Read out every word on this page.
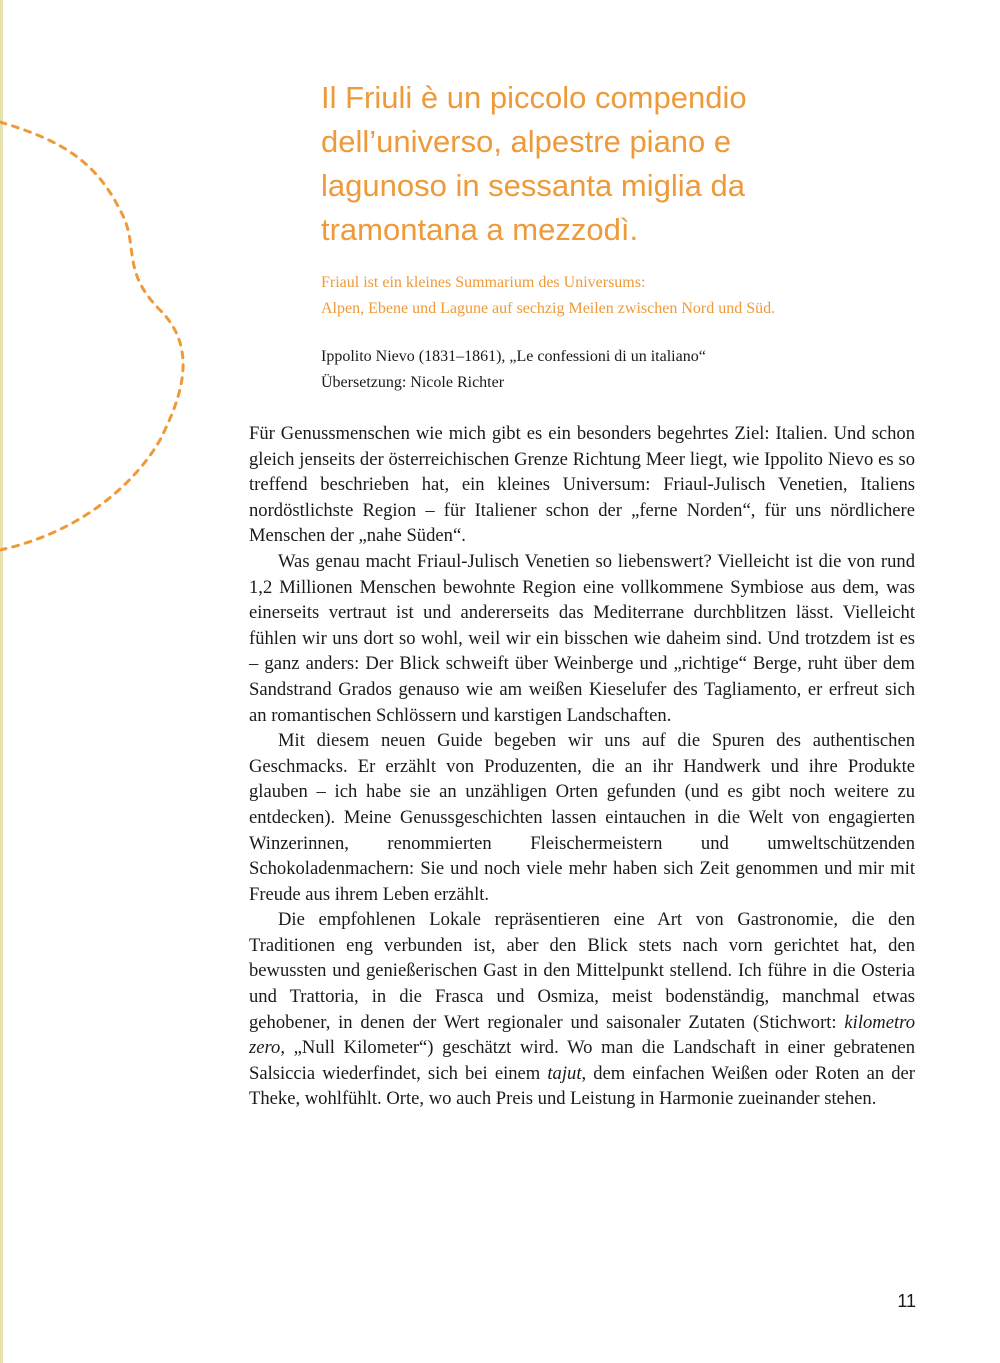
Il Friuli è un piccolo compendio
dell’universo, alpestre piano e
lagunoso in sessanta miglia da
tramontana a mezzodì.

Friaul ist ein kleines Summarium des Universums:
Alpen, Ebene und Lagune auf sechzig Meilen zwischen Nord und Süd.

Ippolito Nievo (1831–1861), „Le confessioni di un italiano“
Übersetzung: Nicole Richter

Für Genussmenschen wie mich gibt es ein besonders begehrtes Ziel: Italien. Und schon gleich jenseits der österreichischen Grenze Richtung Meer liegt, wie Ippolito Nievo es so treffend beschrieben hat, ein kleines Universum: Friaul-Julisch Venetien, Italiens nordöstlichste Region – für Italiener schon der „ferne Norden“, für uns nördlichere Menschen der „nahe Süden“.

Was genau macht Friaul-Julisch Venetien so liebenswert? Vielleicht ist die von rund 1,2 Millionen Menschen bewohnte Region eine vollkommene Symbiose aus dem, was einerseits vertraut ist und andererseits das Mediterrane durchblitzen lässt. Vielleicht fühlen wir uns dort so wohl, weil wir ein bisschen wie daheim sind. Und trotzdem ist es – ganz anders: Der Blick schweift über Weinberge und „richtige“ Berge, ruht über dem Sandstrand Grados genauso wie am weißen Kieselufer des Tagliamento, er erfreut sich an romantischen Schlössern und karstigen Landschaften.

Mit diesem neuen Guide begeben wir uns auf die Spuren des authentischen Geschmacks. Er erzählt von Produzenten, die an ihr Handwerk und ihre Produkte glauben – ich habe sie an unzähligen Orten gefunden (und es gibt noch weitere zu entdecken). Meine Genussgeschichten lassen eintauchen in die Welt von engagierten Winzerinnen, renommierten Fleischermeistern und umweltschützenden Schokoladenmachern: Sie und noch viele mehr haben sich Zeit genommen und mir mit Freude aus ihrem Leben erzählt.

Die empfohlenen Lokale repräsentieren eine Art von Gastronomie, die den Traditionen eng verbunden ist, aber den Blick stets nach vorn gerichtet hat, den bewussten und genießerischen Gast in den Mittelpunkt stellend. Ich führe in die Osteria und Trattoria, in die Frasca und Osmiza, meist bodenständig, manchmal etwas gehobener, in denen der Wert regionaler und saisonaler Zutaten (Stichwort: kilometro zero, „Null Kilometer“) geschätzt wird. Wo man die Landschaft in einer gebratenen Salsiccia wiederfindet, sich bei einem tajut, dem einfachen Weißen oder Roten an der Theke, wohlfühlt. Orte, wo auch Preis und Leistung in Harmonie zueinander stehen.

11
